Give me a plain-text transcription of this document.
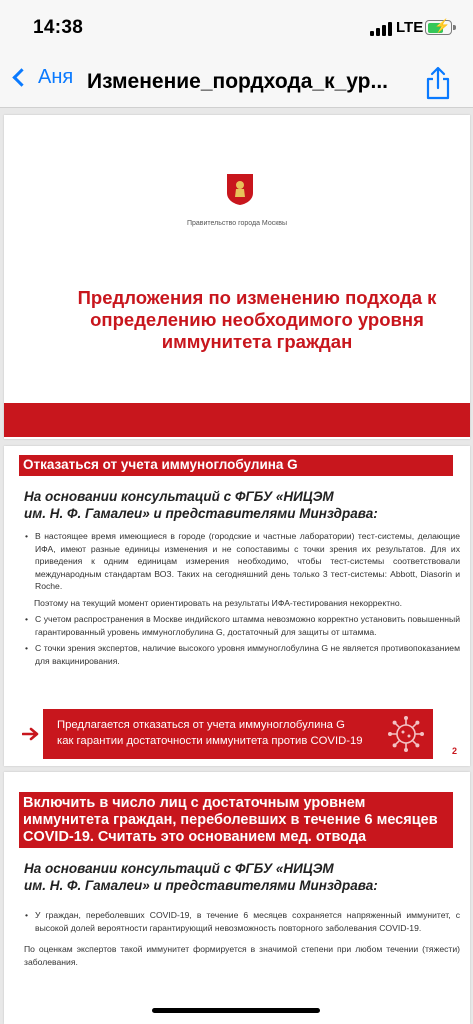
14:38	LTE ⚡
Аня Изменение_пордхода_к_ур...
Правительство города Москвы
Предложения по изменению подхода к определению необходимого уровня иммунитета граждан
Отказаться от учета иммуноглобулина G
На основании консультаций с ФГБУ «НИЦЭМ
им. Н. Ф. Гамалеи» и представителями Минздрава:

• В настоящее время имеющиеся в городе (городские и частные лаборатории) тест-системы, делающие ИФА, имеют разные единицы изменения и не сопоставимы с точки зрения их результатов. Для их приведения к одним единицам измерения необходимо, чтобы тест-системы соответствовали международным стандартам ВОЗ. Таких на сегодняшний день только 3 тест-системы: Abbott, Diasorin и Roche.

Поэтому на текущий момент ориентировать на результаты ИФА-тестирования некорректно.

• С учетом распространения в Москве индийского штамма невозможно корректно установить повышенный гарантированный уровень иммуноглобулина G, достаточный для защиты от штамма.

• С точки зрения экспертов, наличие высокого уровня иммуноглобулина G не является противопоказанием для вакцинирования.

Предлагается отказаться от учета иммуноглобулина G
как гарантии достаточности иммунитета против COVID-19
2
Включить в число лиц с достаточным уровнем иммунитета граждан, переболевших в течение 6 месяцев COVID-19. Считать это основанием мед. отвода
На основании консультаций с ФГБУ «НИЦЭМ
им. Н. Ф. Гамалеи» и представителями Минздрава:

• У граждан, переболевших COVID-19, в течение 6 месяцев сохраняется напряженный иммунитет, с высокой долей вероятности гарантирующий невозможность повторного заболевания COVID-19.

По оценкам экспертов такой иммунитет формируется в значимой степени при любом течении (тяжести) заболевания.
